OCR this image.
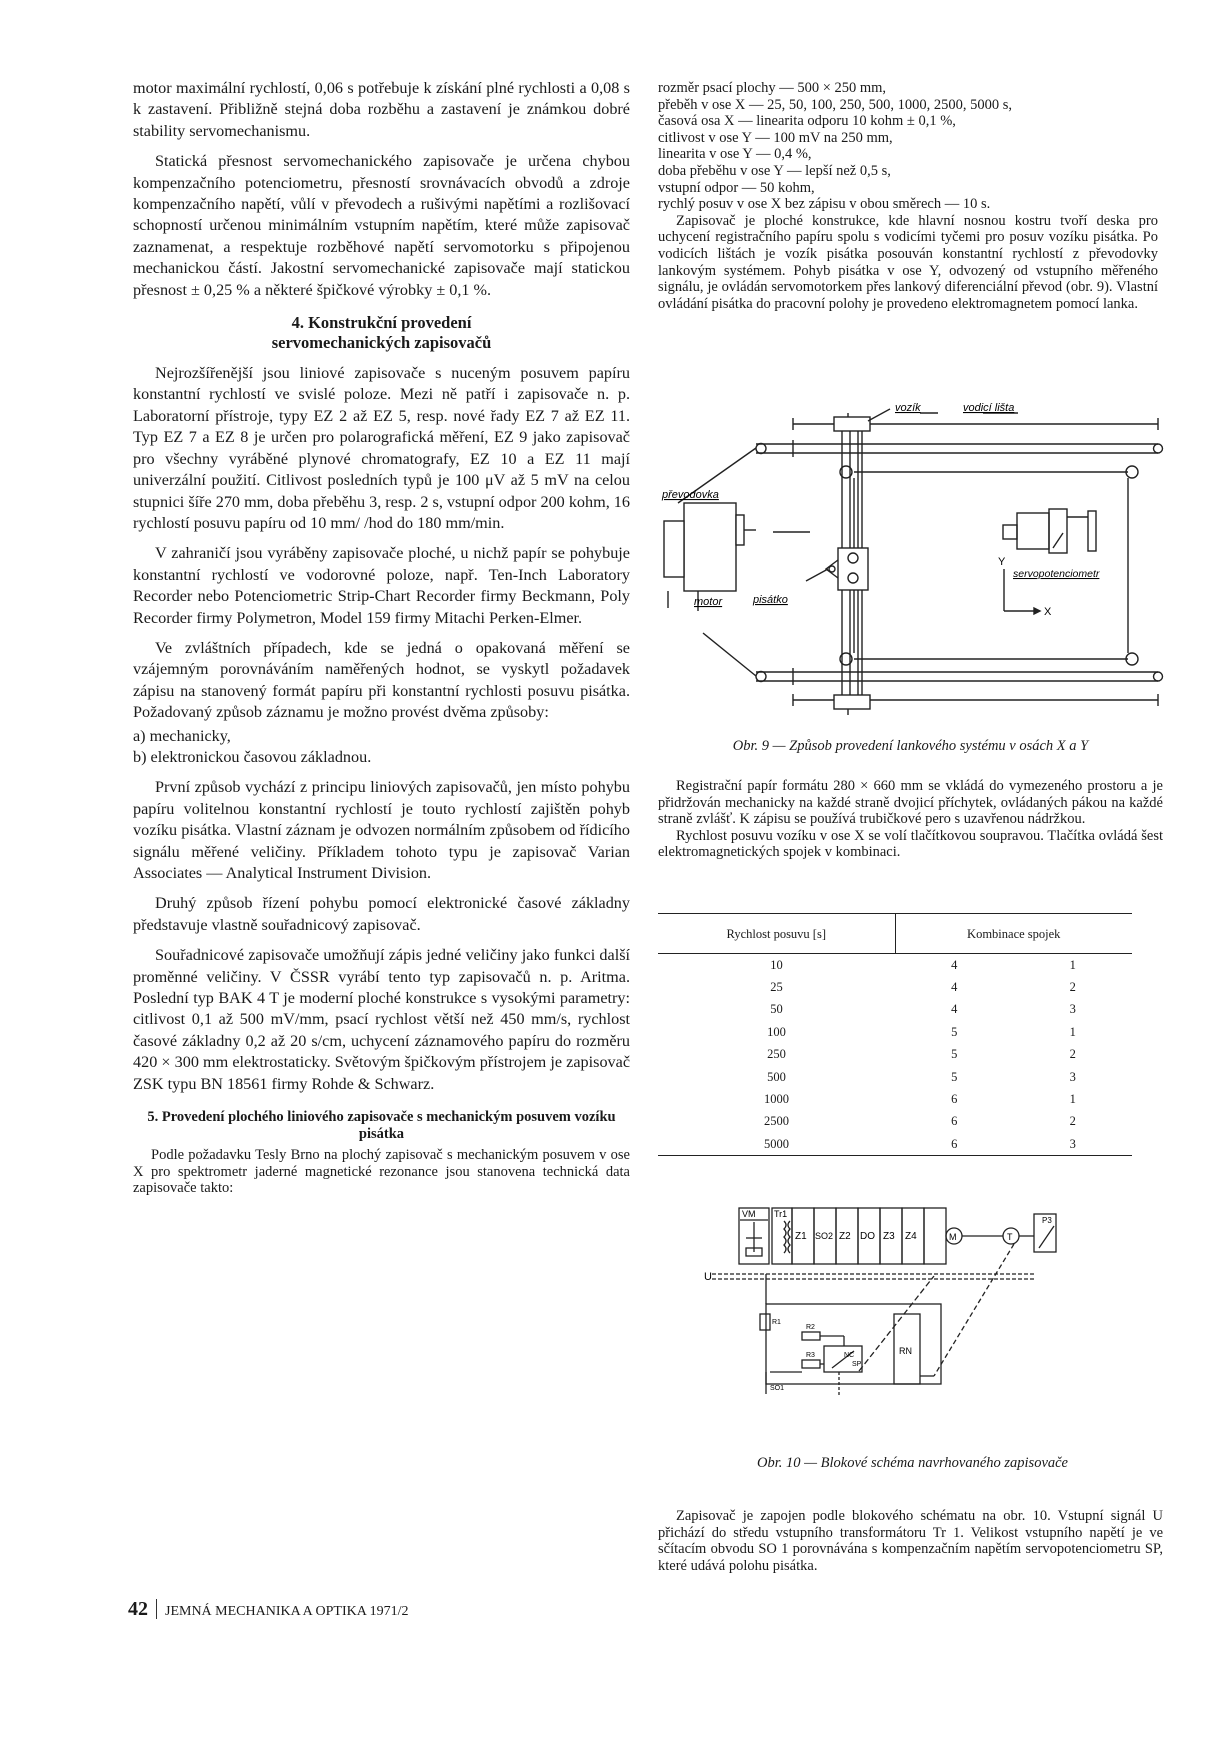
motor maximální rychlostí, 0,06 s potřebuje k získání plné rychlosti a 0,08 s k zastavení. Přibližně stejná doba rozběhu a zastavení je známkou dobré stability servomechanismu.

Statická přesnost servomechanického zapisovače je určena chybou kompenzačního potenciometru, přesností srovnávacích obvodů a zdroje kompenzačního napětí, vůlí v převodech a rušivými napětími a rozlišovací schopností určenou minimálním vstupním napětím, které může zapisovač zaznamenat, a respektuje rozběhové napětí servomotorku s připojenou mechanickou částí. Jakostní servomechanické zapisovače mají statickou přesnost ± 0,25 % a některé špičkové výrobky ± 0,1 %.

4. Konstrukční provedení
servomechanických zapisovačů

Nejrozšířenější jsou liniové zapisovače s nuceným posuvem papíru konstantní rychlostí ve svislé poloze. Mezi ně patří i zapisovače n. p. Laboratorní přístroje, typy EZ 2 až EZ 5, resp. nové řady EZ 7 až EZ 11. Typ EZ 7 a EZ 8 je určen pro polarografická měření, EZ 9 jako zapisovač pro všechny vyráběné plynové chromatografy, EZ 10 a EZ 11 mají univerzální použití. Citlivost posledních typů je 100 μV až 5 mV na celou stupnici šíře 270 mm, doba přeběhu 3, resp. 2 s, vstupní odpor 200 kohm, 16 rychlostí posuvu papíru od 10 mm/ /hod do 180 mm/min.

V zahraničí jsou vyráběny zapisovače ploché, u nichž papír se pohybuje konstantní rychlostí ve vodorovné poloze, např. Ten-Inch Laboratory Recorder nebo Potenciometric Strip-Chart Recorder firmy Beckmann, Poly Recorder firmy Polymetron, Model 159 firmy Mitachi Perken-Elmer.

Ve zvláštních případech, kde se jedná o opakovaná měření se vzájemným porovnáváním naměřených hodnot, se vyskytl požadavek zápisu na stanovený formát papíru při konstantní rychlosti posuvu pisátka. Požadovaný způsob záznamu je možno provést dvěma způsoby:

a) mechanicky,

b) elektronickou časovou základnou.

První způsob vychází z principu liniových zapisovačů, jen místo pohybu papíru volitelnou konstantní rychlostí je touto rychlostí zajištěn pohyb vozíku pisátka. Vlastní záznam je odvozen normálním způsobem od řídicího signálu měřené veličiny. Příkladem tohoto typu je zapisovač Varian Associates — Analytical Instrument Division.

Druhý způsob řízení pohybu pomocí elektronické časové základny představuje vlastně souřadnicový zapisovač.

Souřadnicové zapisovače umožňují zápis jedné veličiny jako funkci další proměnné veličiny. V ČSSR vyrábí tento typ zapisovačů n. p. Aritma. Poslední typ BAK 4 T je moderní ploché konstrukce s vysokými parametry: citlivost 0,1 až 500 mV/mm, psací rychlost větší než 450 mm/s, rychlost časové základny 0,2 až 20 s/cm, uchycení záznamového papíru do rozměru 420 × 300 mm elektrostaticky. Světovým špičkovým přístrojem je zapisovač ZSK typu BN 18561 firmy Rohde & Schwarz.

5. Provedení plochého liniového zapisovače s mechanickým posuvem vozíku pisátka

Podle požadavku Tesly Brno na plochý zapisovač s mechanickým posuvem v ose X pro spektrometr jaderné magnetické rezonance jsou stanovena technická data zapisovače takto:

rozměr psací plochy — 500 × 250 mm,
přeběh v ose X — 25, 50, 100, 250, 500, 1000, 2500, 5000 s,
časová osa X — linearita odporu 10 kohm ± 0,1 %,
citlivost v ose Y — 100 mV na 250 mm,
linearita v ose Y — 0,4 %,
doba přeběhu v ose Y — lepší než 0,5 s,
vstupní odpor — 50 kohm,
rychlý posuv v ose X bez zápisu v obou směrech — 10 s.

Zapisovač je ploché konstrukce, kde hlavní nosnou kostru tvoří deska pro uchycení registračního papíru spolu s vodicími tyčemi pro posuv vozíku pisátka. Po vodicích lištách je vozík pisátka posouván konstantní rychlostí z převodovky lankovým systémem. Pohyb pisátka v ose Y, odvozený od vstupního měřeného signálu, je ovládán servomotorkem přes lankový diferenciální převod (obr. 9). Vlastní ovládání pisátka do pracovní polohy je provedeno elektromagnetem pomocí lanka.

vozík	vodicí lišta
převodovka
motor	pisátko
servopotenciometr
Y
X
Obr. 9 — Způsob provedení lankového systému v osách X a Y

Registrační papír formátu 280 × 660 mm se vkládá do vymezeného prostoru a je přidržován mechanicky na každé straně dvojicí příchytek, ovládaných pákou na každé straně zvlášť. K zápisu se používá trubičkové pero s uzavřenou nádržkou.

Rychlost posuvu vozíku v ose X se volí tlačítkovou soupravou. Tlačítka ovládá šest elektromagnetických spojek v kombinaci.

Rychlost posuvu [s]	Kombinace spojek	
10	4	1
25	4	2
50	4	3
100	5	1
250	5	2
500	5	3
1000	6	1
2500	6	2
5000	6	3
VM Tr1
Z1 SO2 Z2 DO Z3 Z4	M	T
P3
U
R1
R2
R3	NC
SP
RN
SO1
Obr. 10 — Blokové schéma navrhovaného zapisovače

Zapisovač je zapojen podle blokového schématu na obr. 10. Vstupní signál U přichází do středu vstupního transformátoru Tr 1. Velikost vstupního napětí je ve sčítacím obvodu SO 1 porovnávána s kompenzačním napětím servopotenciometru SP, které udává polohu pisátka.

42 JEMNÁ MECHANIKA A OPTIKA 1971/2
